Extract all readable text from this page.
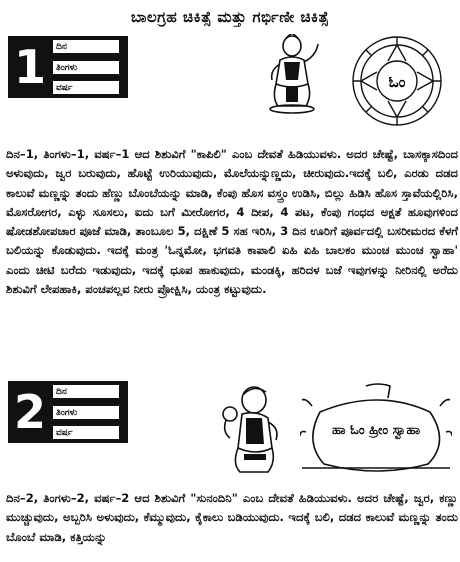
ಬಾಲಗ್ರಹ ಚಿಕಿತ್ಸೆ ಮತ್ತು ಗರ್ಭಿಣೀ ಚಿಕಿತ್ಸೆ
1	ದಿನ
ತಿಂಗಳು
ವರ್ಷ	ಓಂ

ದಿನ–1, ತಿಂಗಳು–1, ವರ್ಷ–1 ಆದ ಶಿಶುವಿಗೆ "ಕಾಪಿಲಿ" ಎಂಬ ದೇವತೆ ಹಿಡಿಯುವಳು. ಅದರ ಚೇಷ್ಟೆ, ಬಾಸಕ್ಕಾಸದಿಂದ ಅಳುವುದು, ಜ್ವರ ಬರುವುದು, ಹೊಟ್ಟೆ ಉರಿಯುವುದು, ಮೊಲೆಯನ್ನುಣ್ಣದು, ಚೀರುವುದು.ಇದಕ್ಕೆ ಬಲಿ, ಎರಡು ದಡದ ಕಾಲುವೆ ಮಣ್ಣನ್ನು ತಂದು ಹೆಣ್ಣು ಬೊಂಬೆಯನ್ನು ಮಾಡಿ, ಕೆಂಪು ಹೊಸ ವಸ್ತ್ರಂ ಉಡಿಸಿ, ಬಿಲ್ಲು ಹಿಡಿಸಿ ಹೊಸ ಸ್ತಾವೆಯಲ್ಲಿರಿಸಿ, ಮೊಸರೋಗರ, ಎಳ್ಳು ಸೂಸಲು, ಐದು ಬಗೆ ಮೀರೋಗರ, 4 ದೀಪ, 4 ಪಟ, ಕೆಂಪು ಗಂಧದ ಅಕ್ಷತೆ ಹೂವುಗಳಿಂದ ಷೋಡಶೋಪಚಾರ ಪೂಜೆ ಮಾಡಿ, ತಾಂಬೂಲ 5, ದಕ್ಷಿಣೆ 5 ಸಹ ಇರಿಸಿ, 3 ದಿನ ಊರಿಗೆ ಪೂರ್ವದಲ್ಲಿ ಬಸರೀಮರದ ಕೆಳಗೆ ಬಲಿಯನ್ನು ಕೊಡುವುದು. ಇದಕ್ಕೆ ಮಂತ್ರ 'ಓನ್ನಮೋ, ಭಗವತಿ ಕಾಪಾಲಿ ಏಹಿ ಏಹಿ ಬಾಲಕಂ ಮುಂಚ ಮುಂಚ ಸ್ವಾಹಾ' ಎಂದು ಚೀಟಿ ಬರೆದು ಇಡುವುದು, ಇದಕ್ಕೆ ಧೂಪ ಹಾಕುವುದು, ಮಂಡಕ್ಕಿ, ಹರಿದಳ ಬಜೆ ಇವುಗಳನ್ನು ನೀರಿನಲ್ಲಿ ಅರೆದು ಶಿಶುವಿಗೆ ಲೇಪಹಾಕಿ, ಪಂಚಪಲ್ಲವ ನೀರು ಪ್ರೋಕ್ಷಿಸಿ, ಯಂತ್ರ ಕಟ್ಟುವುದು.

2	ದಿನ
ತಿಂಗಳು
ವರ್ಷ	ಹಾ ಓಂ ಹ್ರೀಂ ಸ್ವಾಹಾ

ದಿನ–2, ತಿಂಗಳು–2, ವರ್ಷ–2 ಆದ ಶಿಶುವಿಗೆ "ಸುನಂದಿನಿ" ಎಂಬ ದೇವತೆ ಹಿಡಿಯುವಳು. ಅದರ ಚೇಷ್ಟೆ, ಜ್ವರ, ಕಣ್ಣು ಮುಚ್ಚುವುದು, ಅಬ್ಬರಿಸಿ ಅಳುವುದು, ಕೆಮ್ಮುವುದು, ಕೈಕಾಲು ಬಡಿಯುವುದು. ಇದಕ್ಕೆ ಬಲಿ, ದಡದ ಕಾಲುವೆ ಮಣ್ಣನ್ನು ತಂದು ಬೊಂಬೆ ಮಾಡಿ, ಕತ್ತಿಯನ್ನು
